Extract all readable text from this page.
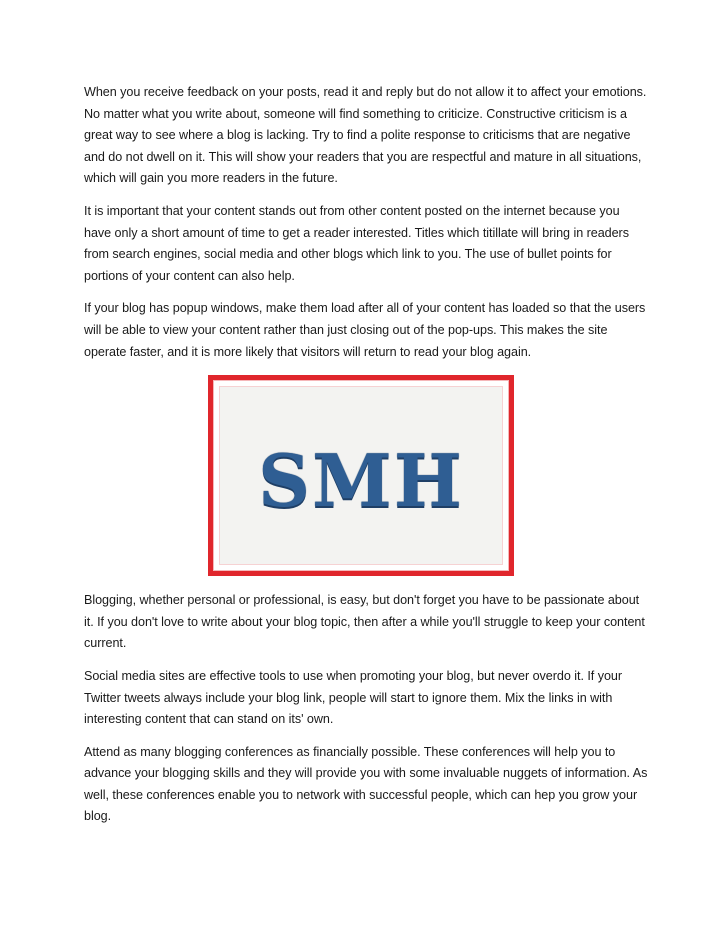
When you receive feedback on your posts, read it and reply but do not allow it to affect your emotions. No matter what you write about, someone will find something to criticize. Constructive criticism is a great way to see where a blog is lacking. Try to find a polite response to criticisms that are negative and do not dwell on it. This will show your readers that you are respectful and mature in all situations, which will gain you more readers in the future.

It is important that your content stands out from other content posted on the internet because you have only a short amount of time to get a reader interested. Titles which titillate will bring in readers from search engines, social media and other blogs which link to you. The use of bullet points for portions of your content can also help.

If your blog has popup windows, make them load after all of your content has loaded so that the users will be able to view your content rather than just closing out of the pop-ups. This makes the site operate faster, and it is more likely that visitors will return to read your blog again.

SMH

Blogging, whether personal or professional, is easy, but don't forget you have to be passionate about it. If you don't love to write about your blog topic, then after a while you'll struggle to keep your content current.

Social media sites are effective tools to use when promoting your blog, but never overdo it. If your Twitter tweets always include your blog link, people will start to ignore them. Mix the links in with interesting content that can stand on its' own.

Attend as many blogging conferences as financially possible. These conferences will help you to advance your blogging skills and they will provide you with some invaluable nuggets of information. As well, these conferences enable you to network with successful people, which can hep you grow your blog.
